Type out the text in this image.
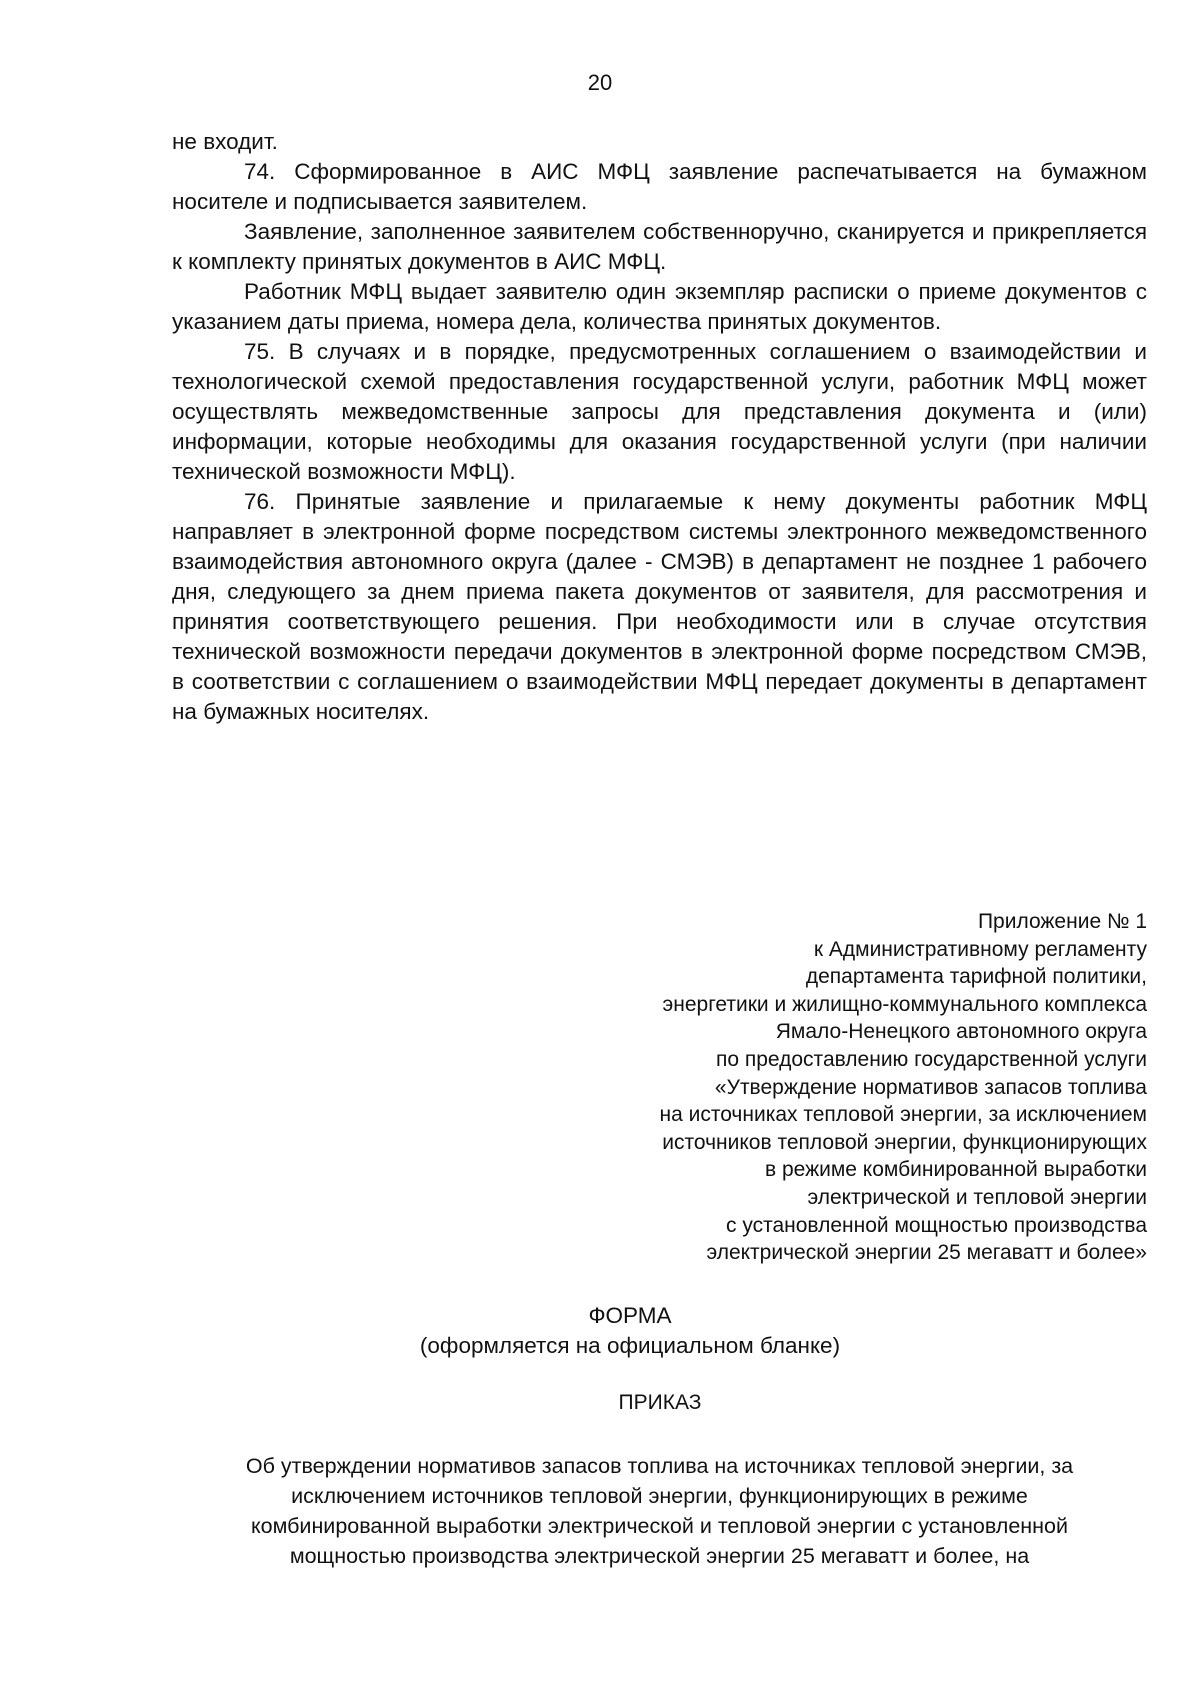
20

не входит.

74. Сформированное в АИС МФЦ заявление распечатывается на бумажном носителе и подписывается заявителем.

Заявление, заполненное заявителем собственноручно, сканируется и прикрепляется к комплекту принятых документов в АИС МФЦ.

Работник МФЦ выдает заявителю один экземпляр расписки о приеме документов с указанием даты приема, номера дела, количества принятых документов.

75. В случаях и в порядке, предусмотренных соглашением о взаимодействии и технологической схемой предоставления государственной услуги, работник МФЦ может осуществлять межведомственные запросы для представления документа и (или) информации, которые необходимы для оказания государственной услуги (при наличии технической возможности МФЦ).

76. Принятые заявление и прилагаемые к нему документы работник МФЦ направляет в электронной форме посредством системы электронного межведомственного взаимодействия автономного округа (далее - СМЭВ) в департамент не позднее 1 рабочего дня, следующего за днем приема пакета документов от заявителя, для рассмотрения и принятия соответствующего решения. При необходимости или в случае отсутствия технической возможности передачи документов в электронной форме посредством СМЭВ, в соответствии с соглашением о взаимодействии МФЦ передает документы в департамент на бумажных носителях.

Приложение № 1
к Административному регламенту
департамента тарифной политики,
энергетики и жилищно-коммунального комплекса
Ямало-Ненецкого автономного округа
по предоставлению государственной услуги
«Утверждение нормативов запасов топлива
на источниках тепловой энергии, за исключением
источников тепловой энергии, функционирующих
в режиме комбинированной выработки
электрической и тепловой энергии
с установленной мощностью производства
электрической энергии 25 мегаватт и более»
ФОРМА
(оформляется на официальном бланке)
ПРИКАЗ
Об утверждении нормативов запасов топлива на источниках тепловой энергии, за
исключением источников тепловой энергии, функционирующих в режиме
комбинированной выработки электрической и тепловой энергии с установленной
мощностью производства электрической энергии 25 мегаватт и более, на
